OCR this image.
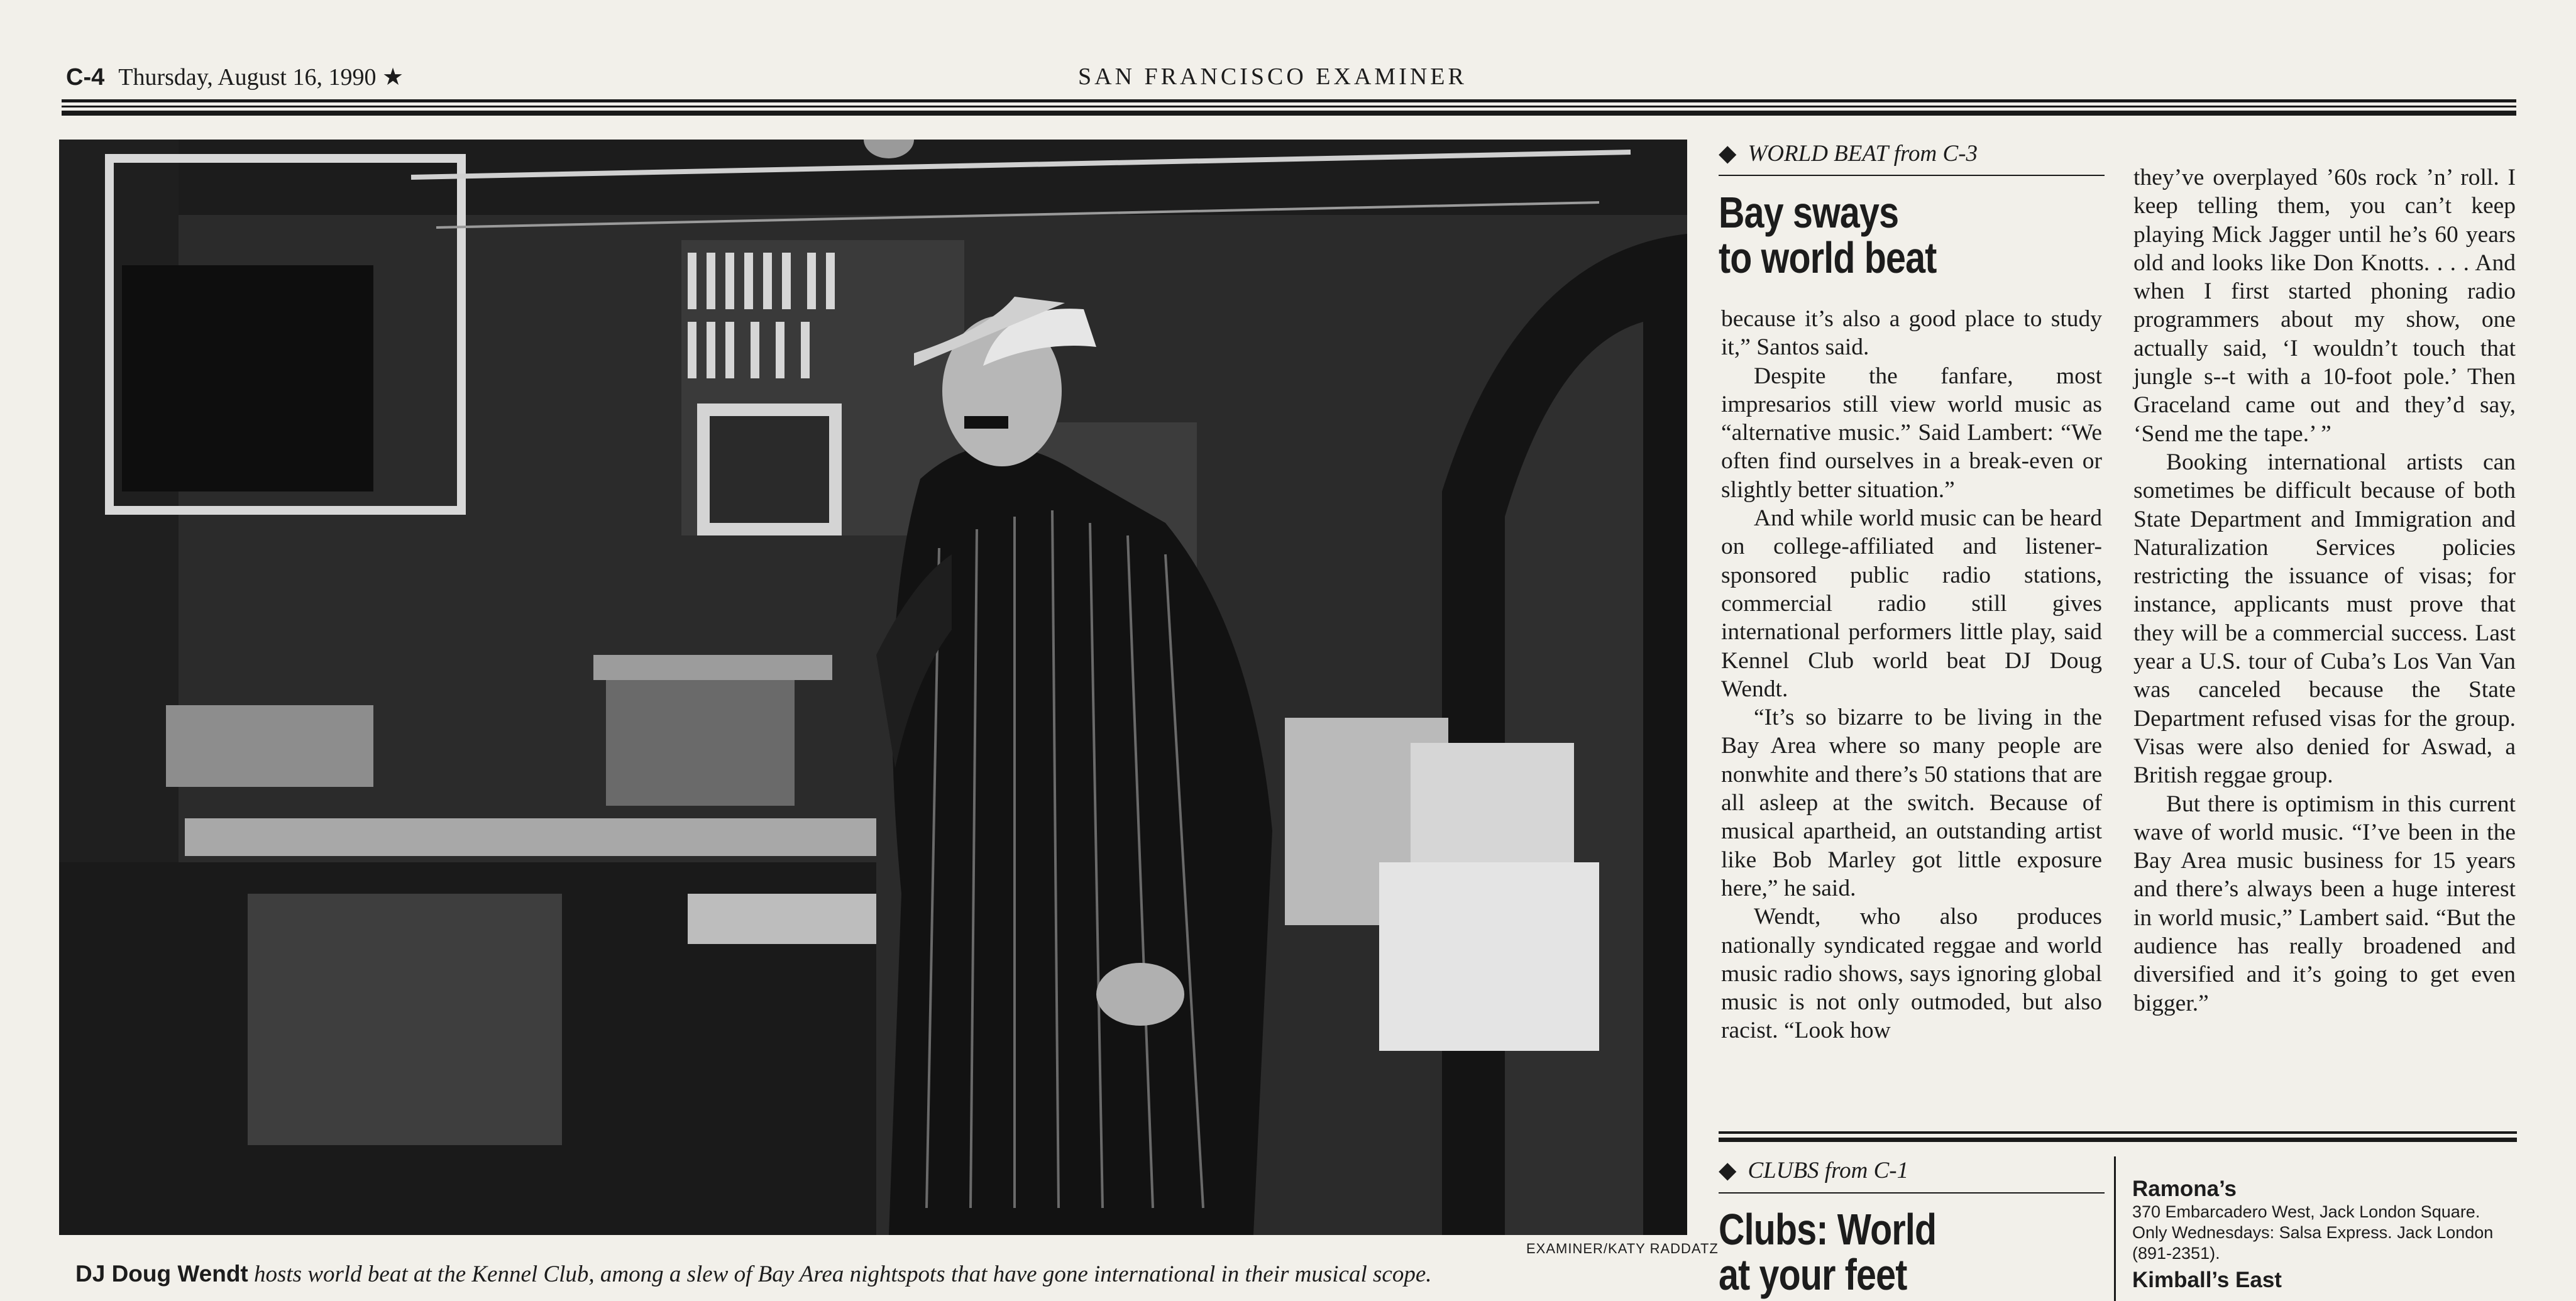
C-4 Thursday, August 16, 1990 ★	SAN FRANCISCO EXAMINER
EXAMINER/KATY RADDATZ
DJ Doug Wendt hosts world beat at the Kennel Club, among a slew of Bay Area nightspots that have gone international in their musical scope.
◆ WORLD BEAT from C-3
Bay sways
to world beat

because it’s also a good place to study it,” Santos said.

Despite the fanfare, most impresarios still view world music as “alternative music.” Said Lambert: “We often find ourselves in a break-even or slightly better situation.”

And while world music can be heard on college-affiliated and listener-sponsored public radio stations, commercial radio still gives international performers little play, said Kennel Club world beat DJ Doug Wendt.

“It’s so bizarre to be living in the Bay Area where so many people are nonwhite and there’s 50 stations that are all asleep at the switch. Because of musical apartheid, an outstanding artist like Bob Marley got little exposure here,” he said.

Wendt, who also produces nationally syndicated reggae and world music radio shows, says ignoring global music is not only outmoded, but also racist. “Look how

they’ve overplayed ’60s rock ’n’ roll. I keep telling them, you can’t keep playing Mick Jagger until he’s 60 years old and looks like Don Knotts. . . . And when I first started phoning radio programmers about my show, one actually said, ‘I wouldn’t touch that jungle s--t with a 10-foot pole.’ Then Graceland came out and they’d say, ‘Send me the tape.’ ”

Booking international artists can sometimes be difficult because of both State Department and Immigration and Naturalization Services policies restricting the issuance of visas; for instance, applicants must prove that they will be a commercial success. Last year a U.S. tour of Cuba’s Los Van Van was canceled because the State Department refused visas for the group. Visas were also denied for Aswad, a British reggae group.

But there is optimism in this current wave of world music. “I’ve been in the Bay Area music business for 15 years and there’s always been a huge interest in world music,” Lambert said. “But the audience has really broadened and diversified and it’s going to get even bigger.”

◆ CLUBS from C-1
Clubs: World
at your feet
Ramona’s
370 Embarcadero West, Jack London Square. Only Wednesdays: Salsa Express. Jack London (891-2351).
Kimball’s East
